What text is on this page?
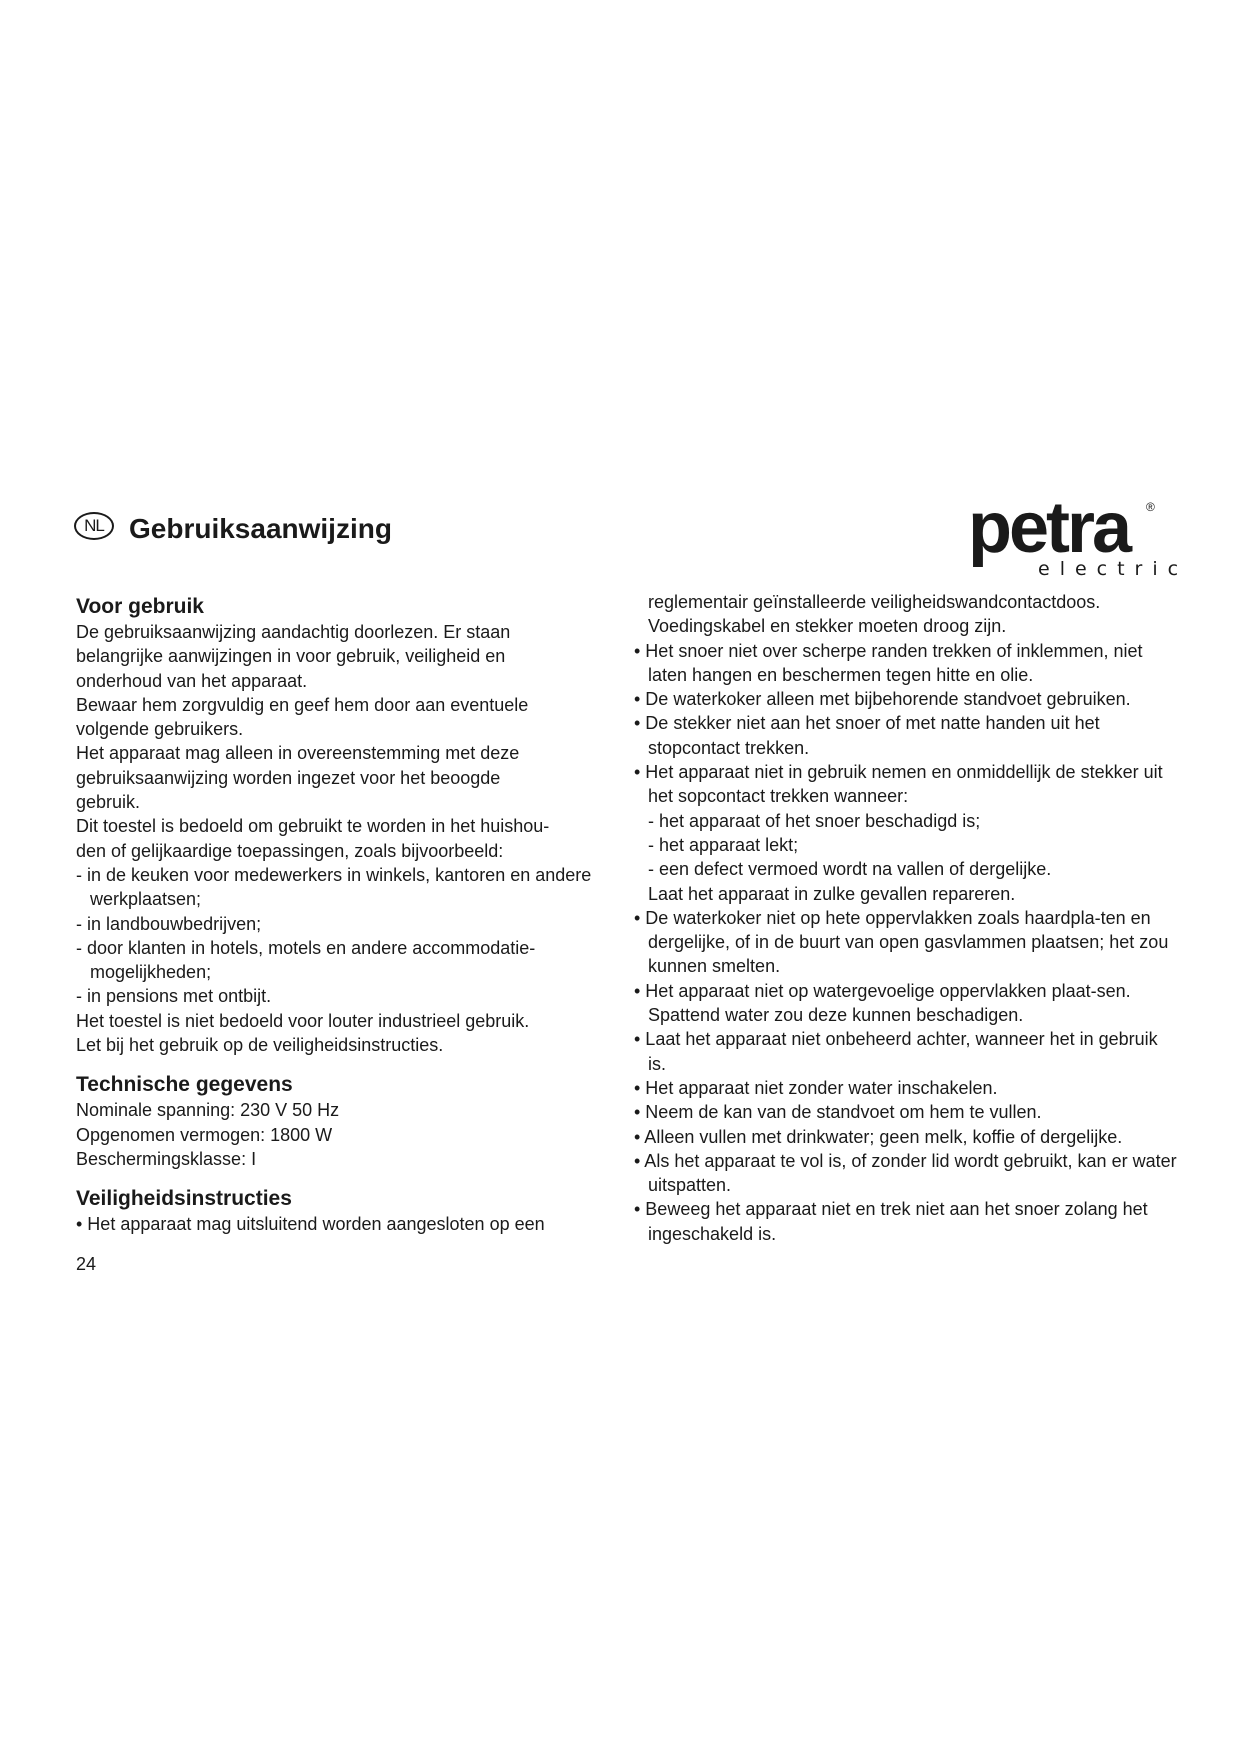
NL Gebruiksaanwijzing	petra ®
electric
Voor gebruik

De gebruiksaanwijzing aandachtig doorlezen. Er staan

belangrijke aanwijzingen in voor gebruik, veiligheid en

onderhoud van het apparaat.

Bewaar hem zorgvuldig en geef hem door aan eventuele

volgende gebruikers.

Het apparaat mag alleen in overeenstemming met deze

gebruiksaanwijzing worden ingezet voor het beoogde

gebruik.

Dit toestel is bedoeld om gebruikt te worden in het huishou-

den of gelijkaardige toepassingen, zoals bijvoorbeeld:

- in de keuken voor medewerkers in winkels, kantoren en andere werkplaatsen;

- in landbouwbedrijven;

- door klanten in hotels, motels en andere accommodatie-mogelijkheden;

- in pensions met ontbijt.

Het toestel is niet bedoeld voor louter industrieel gebruik.

Let bij het gebruik op de veiligheidsinstructies.

Technische gegevens

Nominale spanning: 230 V 50 Hz

Opgenomen vermogen: 1800 W

Beschermingsklasse: I

Veiligheidsinstructies

• Het apparaat mag uitsluitend worden aangesloten op een

24

reglementair geïnstalleerde veiligheidswandcontactdoos. Voedingskabel en stekker moeten droog zijn.

• Het snoer niet over scherpe randen trekken of inklemmen, niet laten hangen en beschermen tegen hitte en olie.

• De waterkoker alleen met bijbehorende standvoet gebruiken.

• De stekker niet aan het snoer of met natte handen uit het stopcontact trekken.

• Het apparaat niet in gebruik nemen en onmiddellijk de stekker uit het sopcontact trekken wanneer:

- het apparaat of het snoer beschadigd is;

- het apparaat lekt;

- een defect vermoed wordt na vallen of dergelijke.

Laat het apparaat in zulke gevallen repareren.

• De waterkoker niet op hete oppervlakken zoals haardpla-ten en dergelijke, of in de buurt van open gasvlammen plaatsen; het zou kunnen smelten.

• Het apparaat niet op watergevoelige oppervlakken plaat-sen. Spattend water zou deze kunnen beschadigen.

• Laat het apparaat niet onbeheerd achter, wanneer het in gebruik is.

• Het apparaat niet zonder water inschakelen.

• Neem de kan van de standvoet om hem te vullen.

• Alleen vullen met drinkwater; geen melk, koffie of dergelijke.

• Als het apparaat te vol is, of zonder lid wordt gebruikt, kan er water uitspatten.

• Beweeg het apparaat niet en trek niet aan het snoer zolang het ingeschakeld is.
